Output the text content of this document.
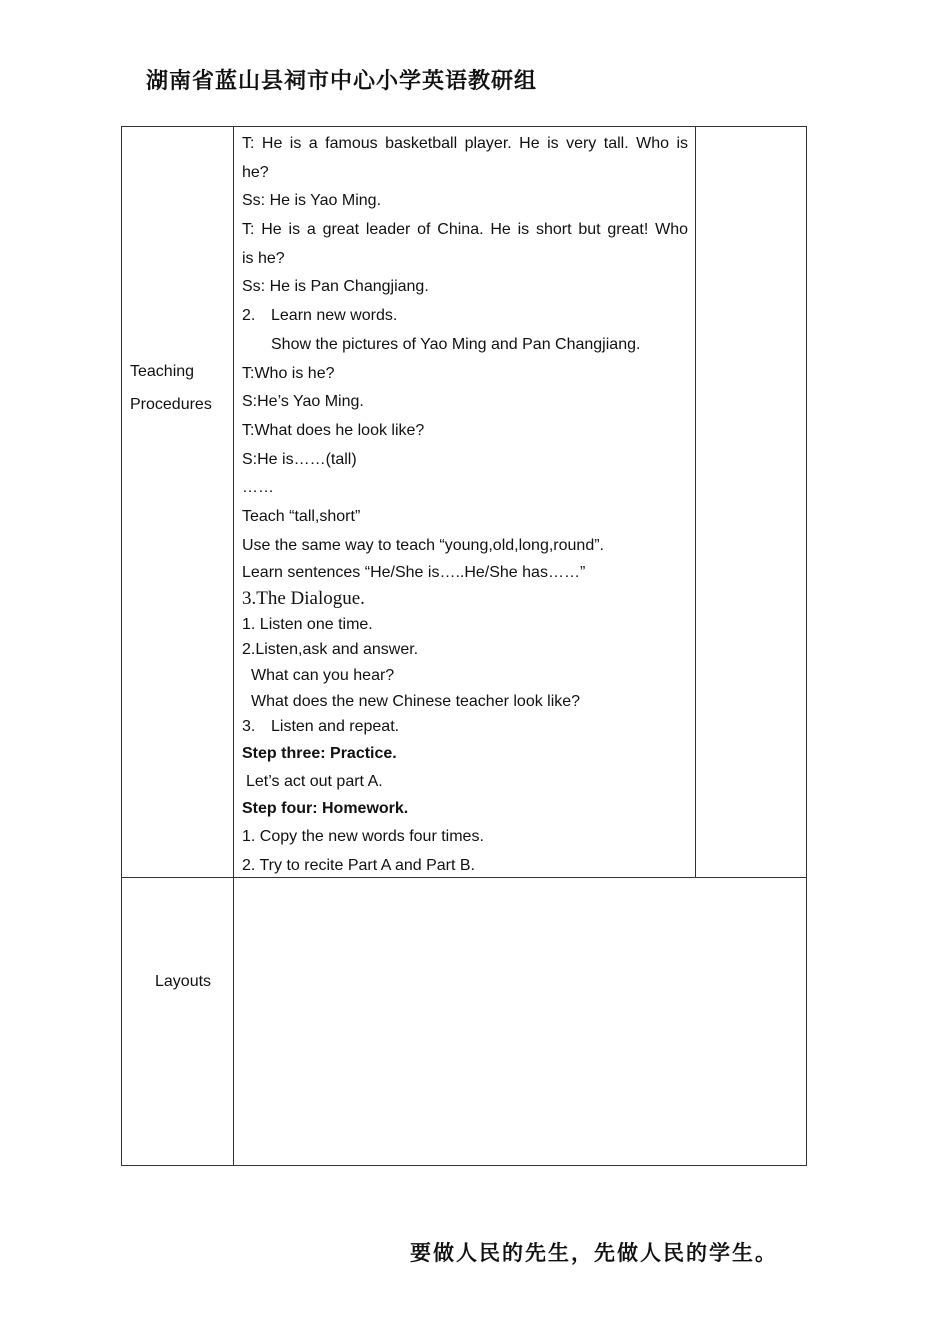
湖南省蓝山县祠市中心小学英语教研组
Teaching
Procedures
T: He is a famous basketball player. He is very tall. Who is
he?
Ss: He is Yao Ming.
T: He is a great leader of China. He is short but great! Who
is he?
Ss: He is Pan Changjiang.
2. Learn new words.
Show the pictures of Yao Ming and Pan Changjiang.
T:Who is he?
S:He’s Yao Ming.
T:What does he look like?
S:He is……(tall)
……
Teach “tall,short”
Use the same way to teach “young,old,long,round”.
Learn sentences “He/She is…..He/She has……”
3.The Dialogue.
1. Listen one time.
2.Listen,ask and answer.
What can you hear?
What does the new Chinese teacher look like?
3. Listen and repeat.
Step three: Practice.
Let’s act out part A.
Step four: Homework.
1. Copy the new words four times.
2. Try to recite Part A and Part B.
Layouts
要做人民的先生，先做人民的学生。
